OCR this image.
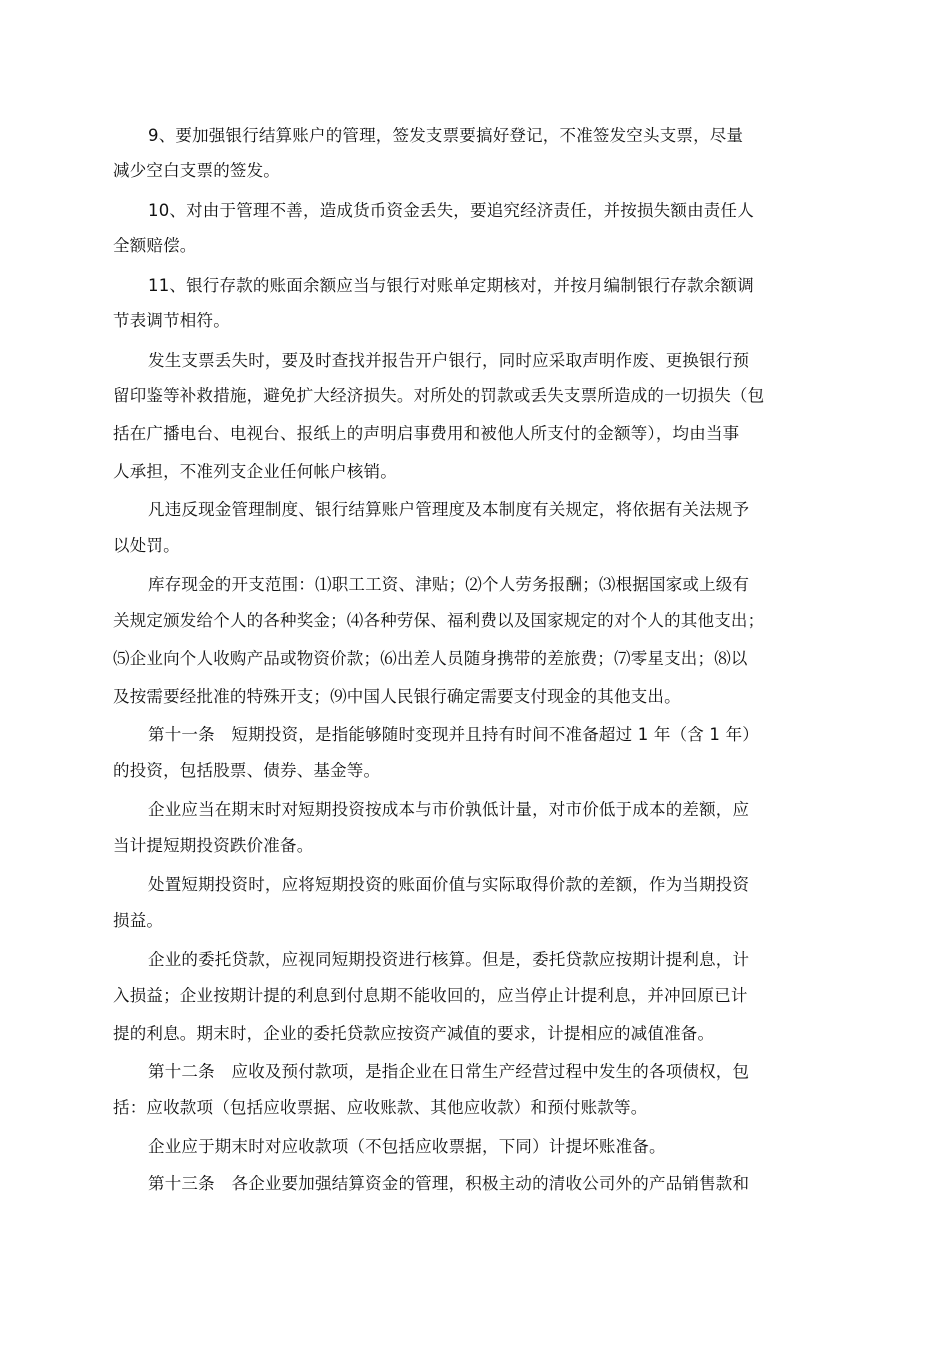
9、要加强银行结算账户的管理，签发支票要搞好登记，不准签发空头支票，尽量
减少空白支票的签发。
10、对由于管理不善，造成货币资金丢失，要追究经济责任，并按损失额由责任人
全额赔偿。
11、银行存款的账面余额应当与银行对账单定期核对，并按月编制银行存款余额调
节表调节相符。
发生支票丢失时，要及时查找并报告开户银行，同时应采取声明作废、更换银行预
留印鉴等补救措施，避免扩大经济损失。对所处的罚款或丢失支票所造成的一切损失（包
括在广播电台、电视台、报纸上的声明启事费用和被他人所支付的金额等），均由当事
人承担，不准列支企业任何帐户核销。
凡违反现金管理制度、银行结算账户管理度及本制度有关规定，将依据有关法规予
以处罚。
库存现金的开支范围：⑴职工工资、津贴；⑵个人劳务报酬；⑶根据国家或上级有
关规定颁发给个人的各种奖金；⑷各种劳保、福利费以及国家规定的对个人的其他支出；
⑸企业向个人收购产品或物资价款；⑹出差人员随身携带的差旅费；⑺零星支出；⑻以
及按需要经批准的特殊开支；⑼中国人民银行确定需要支付现金的其他支出。
第十一条　短期投资，是指能够随时变现并且持有时间不准备超过 1 年（含 1 年）
的投资，包括股票、债券、基金等。
企业应当在期末时对短期投资按成本与市价孰低计量，对市价低于成本的差额，应
当计提短期投资跌价准备。
处置短期投资时，应将短期投资的账面价值与实际取得价款的差额，作为当期投资
损益。
企业的委托贷款，应视同短期投资进行核算。但是，委托贷款应按期计提利息，计
入损益；企业按期计提的利息到付息期不能收回的，应当停止计提利息，并冲回原已计
提的利息。期末时，企业的委托贷款应按资产减值的要求，计提相应的减值准备。
第十二条　应收及预付款项，是指企业在日常生产经营过程中发生的各项债权，包
括：应收款项（包括应收票据、应收账款、其他应收款）和预付账款等。
企业应于期末时对应收款项（不包括应收票据，下同）计提坏账准备。
第十三条　各企业要加强结算资金的管理，积极主动的清收公司外的产品销售款和
